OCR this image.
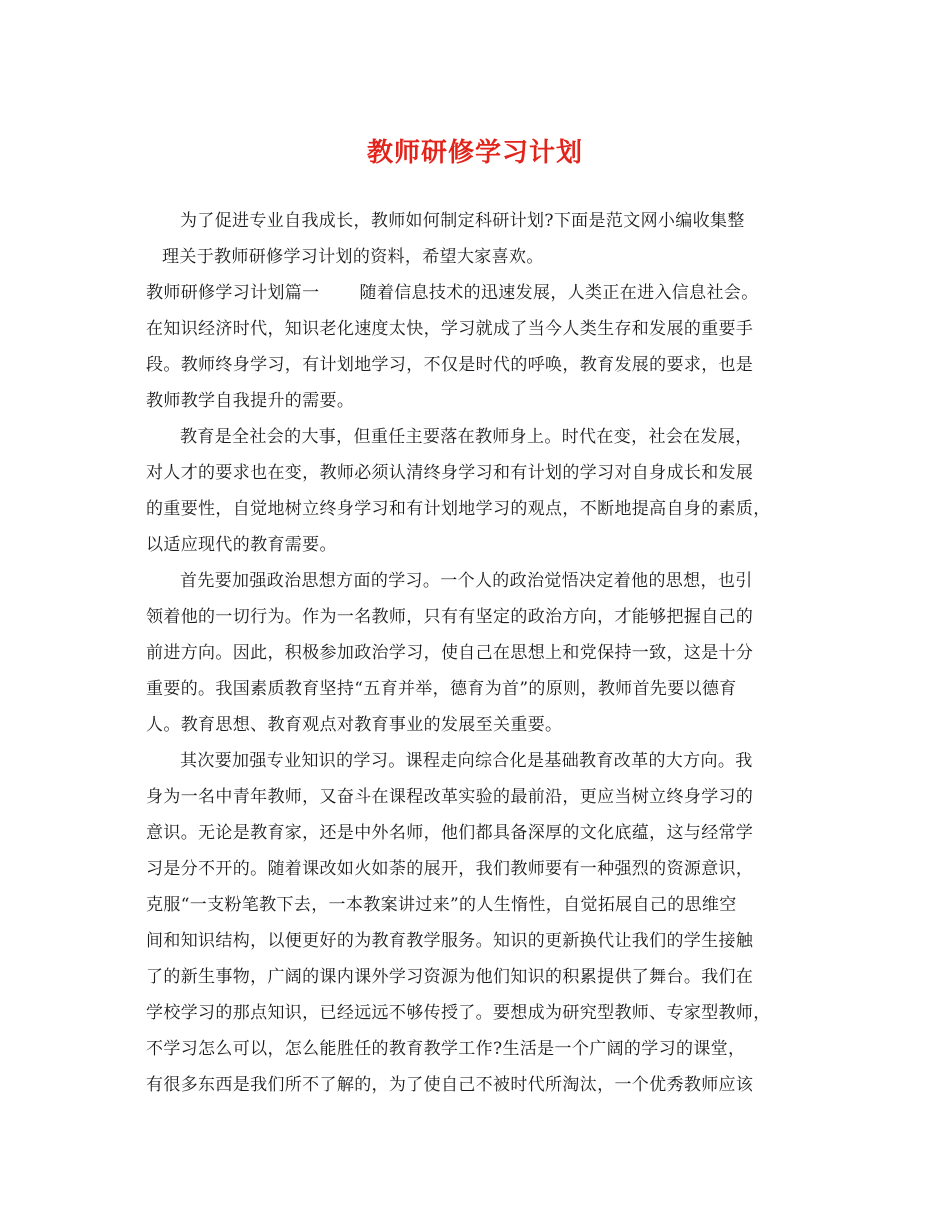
教师研修学习计划
为了促进专业自我成长，教师如何制定科研计划?下面是范文网小编收集整
理关于教师研修学习计划的资料，希望大家喜欢。
教师研修学习计划篇一 随着信息技术的迅速发展，人类正在进入信息社会。
在知识经济时代，知识老化速度太快，学习就成了当今人类生存和发展的重要手
段。教师终身学习，有计划地学习，不仅是时代的呼唤，教育发展的要求，也是
教师教学自我提升的需要。
教育是全社会的大事，但重任主要落在教师身上。时代在变，社会在发展，
对人才的要求也在变，教师必须认清终身学习和有计划的学习对自身成长和发展
的重要性，自觉地树立终身学习和有计划地学习的观点，不断地提高自身的素质，
以适应现代的教育需要。
首先要加强政治思想方面的学习。一个人的政治觉悟决定着他的思想，也引
领着他的一切行为。作为一名教师，只有有坚定的政治方向，才能够把握自己的
前进方向。因此，积极参加政治学习，使自己在思想上和党保持一致，这是十分
重要的。我国素质教育坚持“五育并举，德育为首”的原则，教师首先要以德育
人。教育思想、教育观点对教育事业的发展至关重要。
其次要加强专业知识的学习。课程走向综合化是基础教育改革的大方向。我
身为一名中青年教师，又奋斗在课程改革实验的最前沿，更应当树立终身学习的
意识。无论是教育家，还是中外名师，他们都具备深厚的文化底蕴，这与经常学
习是分不开的。随着课改如火如荼的展开，我们教师要有一种强烈的资源意识，
克服“一支粉笔教下去，一本教案讲过来”的人生惰性，自觉拓展自己的思维空
间和知识结构，以便更好的为教育教学服务。知识的更新换代让我们的学生接触
了的新生事物，广阔的课内课外学习资源为他们知识的积累提供了舞台。我们在
学校学习的那点知识，已经远远不够传授了。要想成为研究型教师、专家型教师，
不学习怎么可以，怎么能胜任的教育教学工作?生活是一个广阔的学习的课堂，
有很多东西是我们所不了解的，为了使自己不被时代所淘汰，一个优秀教师应该
